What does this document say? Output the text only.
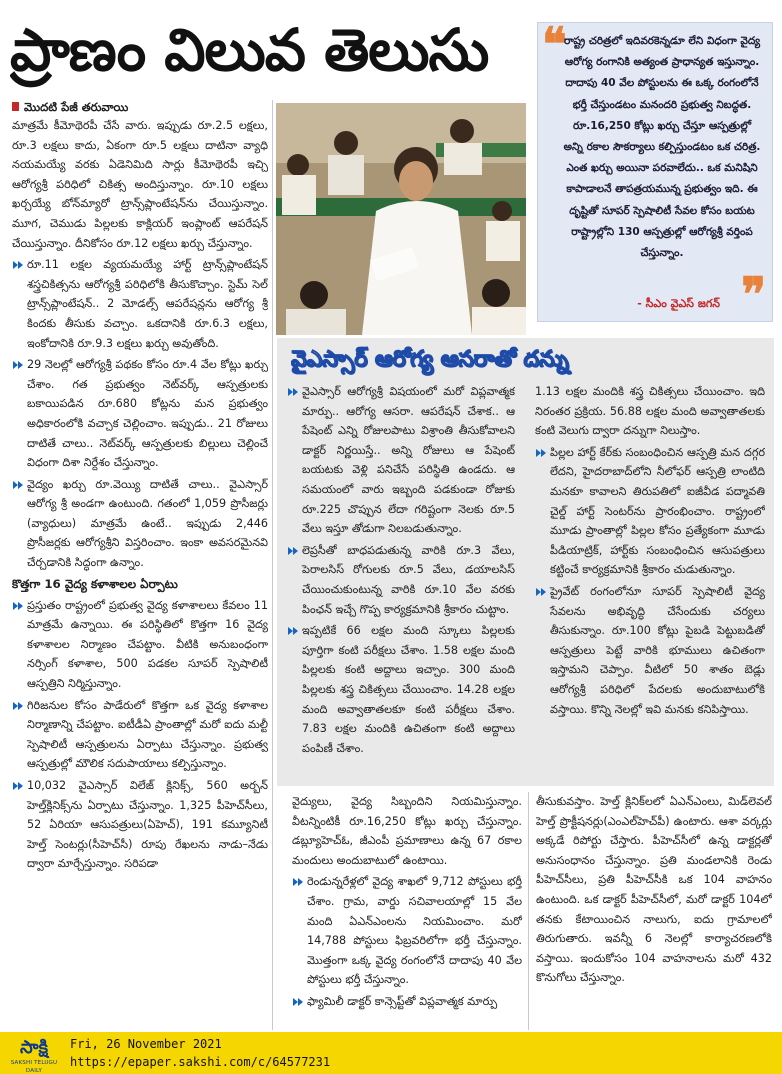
ప్రాణం విలువ తెలుసు
మొదటి పేజీ తరువాయి

మాత్రమే కీమోథెరపీ చేసే వారు. ఇప్పుడు రూ.2.5 లక్షలు, రూ.3 లక్షలు కాదు, ఏకంగా రూ.5 లక్షలు దాటినా వ్యాధి నయమయ్యే వరకు ఏడెనిమిది సార్లు కీమోథెరపీ ఇచ్చి ఆరోగ్యశ్రీ పరిధిలో చికిత్స అందిస్తున్నాం. రూ.10 లక్షలు ఖర్చయ్యే బోన్‌మ్యారో ట్రాన్స్‌ప్లాంటేషన్‌ను చేయిస్తున్నాం. మూగ, చెముడు పిల్లలకు కాక్లియర్ ఇంప్లాంట్ ఆపరేషన్ చేయిస్తున్నాం. దీనికోసం రూ.12 లక్షలు ఖర్చు చేస్తున్నాం.

రూ.11 లక్షల వ్యయమయ్యే హార్ట్ ట్రాన్స్‌ప్లాంటేషన్ శస్త్రచికిత్సను ఆరోగ్యశ్రీ పరిధిలోకి తీసుకొచ్చాం. స్టెమ్ సెల్ ట్రాన్స్‌ప్లాంటేషన్.. 2 మోడల్స్ ఆపరేషన్లను ఆరోగ్య శ్రీ కిందకు తీసుకు వచ్చాం. ఒకదానికి రూ.6.3 లక్షలు, ఇంకోదానికి రూ.9.3 లక్షలు ఖర్చు అవుతోంది.

29 నెలల్లో ఆరోగ్యశ్రీ పథకం కోసం రూ.4 వేల కోట్లు ఖర్చు చేశాం. గత ప్రభుత్వం నెట్‌వర్క్ ఆస్పత్రులకు బకాయిపడిన రూ.680 కోట్లను మన ప్రభుత్వం అధికారంలోకి వచ్చాక చెల్లించాం. ఇప్పుడు.. 21 రోజులు దాటితే చాలు.. నెట్‌వర్క్ ఆస్పత్రులకు బిల్లులు చెల్లించే విధంగా దిశా నిర్దేశం చేస్తున్నాం.

వైద్యం ఖర్చు రూ.వెయ్యి దాటితే చాలు.. వైఎస్సార్ ఆరోగ్య శ్రీ అండగా ఉంటుంది. గతంలో 1,059 ప్రొసీజర్లు (వ్యాధులు) మాత్రమే ఉంటే.. ఇప్పుడు 2,446 ప్రొసీజర్లకు ఆరోగ్యశ్రీని విస్తరించాం. ఇంకా అవసరమైనవి చేర్చడానికి సిద్ధంగా ఉన్నాం.

కొత్తగా 16 వైద్య కళాశాలల ఏర్పాటు

ప్రస్తుతం రాష్ట్రంలో ప్రభుత్వ వైద్య కళాశాలలు కేవలం 11 మాత్రమే ఉన్నాయి. ఈ పరిస్థితిలో కొత్తగా 16 వైద్య కళాశాలల నిర్మాణం చేపట్టాం. వీటికి అనుబంధంగా నర్సింగ్ కళాశాల, 500 పడకల సూపర్ స్పెషాలిటీ ఆస్పత్రిని నిర్మిస్తున్నాం.

గిరిజనుల కోసం పాడేరులో కొత్తగా ఒక వైద్య కళాశాల నిర్మాణాన్ని చేపట్టాం. ఐటీడీఏ ప్రాంతాల్లో మరో ఐదు మల్టీ స్పెషాలిటీ ఆస్పత్రులను ఏర్పాటు చేస్తున్నాం. ప్రభుత్వ ఆస్పత్రుల్లో మౌలిక సదుపాయాలు కల్పిస్తున్నాం.

10,032 వైఎస్సార్ విలేజ్ క్లినిక్స్, 560 అర్బన్ హెల్త్‌క్లినిక్స్‌ను ఏర్పాటు చేస్తున్నాం. 1,325 పీహెచ్‌సీలు, 52 ఏరియా ఆసుపత్రులు(ఏహెచ్), 191 కమ్యూనిటీ హెల్త్ సెంటర్లు(సీహెచ్‌సీ) రూపు రేఖలను నాడు–నేడు ద్వారా మార్చేస్తున్నాం. సరిపడా

❝
రాష్ట్ర చరిత్రలో ఇదివరకెన్నడూ లేని విధంగా వైద్య ఆరోగ్య రంగానికి అత్యంత ప్రాధాన్యత ఇస్తున్నాం. దాదాపు 40 వేల పోస్టులను ఈ ఒక్క రంగంలోనే భర్తీ చేస్తుండటం మనందరి ప్రభుత్వ నిబద్ధత. రూ.16,250 కోట్లు ఖర్చు చేస్తూ ఆస్పత్రుల్లో అన్ని రకాల సౌకర్యాలు కల్పిస్తుండటం ఒక చరిత్ర. ఎంత ఖర్చు అయినా పరవాలేదు.. ఒక మనిషిని కాపాడాలనే తాపత్రయమున్న ప్రభుత్వం ఇది. ఈ దృష్టితో సూపర్ స్పెషాలిటీ సేవల కోసం బయట రాష్ట్రాల్లోని 130 ఆస్పత్రుల్లో ఆరోగ్యశ్రీ వర్తింప చేస్తున్నాం.
- సీఎం వైఎస్ జగన్ ❞
వైఎస్సార్ ఆరోగ్య ఆసరాతో దన్ను

వైఎస్సార్ ఆరోగ్యశ్రీ విషయంలో మరో విప్లవాత్మక మార్పు.. ఆరోగ్య ఆసరా. ఆపరేషన్ చేశాక.. ఆ పేషెంట్ ఎన్ని రోజులపాటు విశ్రాంతి తీసుకోవాలని డాక్టర్ నిర్ణయిస్తే.. అన్ని రోజులు ఆ పేషెంట్ బయటకు వెళ్లి పనిచేసే పరిస్థితి ఉండదు. ఆ సమయంలో వారు ఇబ్బంది పడకుండా రోజుకు రూ.225 చొప్పున లేదా గరిష్టంగా నెలకు రూ.5 వేలు ఇస్తూ తోడుగా నిలబడుతున్నాం.

లెప్రసీతో బాధపడుతున్న వారికి రూ.3 వేలు, పెరాలసిస్ రోగులకు రూ.5 వేలు, డయాలసిస్ చేయించుకుంటున్న వారికి రూ.10 వేల వరకు పింఛన్ ఇచ్చే గొప్ప కార్యక్రమానికి శ్రీకారం చుట్టాం.

ఇప్పటికే 66 లక్షల మంది స్కూలు పిల్లలకు పూర్తిగా కంటి పరీక్షలు చేశాం. 1.58 లక్షల మంది పిల్లలకు కంటి అద్దాలు ఇచ్చాం. 300 మంది పిల్లలకు శస్త్ర చికిత్సలు చేయించాం. 14.28 లక్షల మంది అవ్వాతాతలకూ కంటి పరీక్షలు చేశాం. 7.83 లక్షల మందికి ఉచితంగా కంటి అద్దాలు పంపిణీ చేశాం.

1.13 లక్షల మందికి శస్త్ర చికిత్సలు చేయించాం. ఇది నిరంతర ప్రక్రియ. 56.88 లక్షల మంది అవ్వాతాతలకు కంటి వెలుగు ద్వారా దన్నుగా నిలుస్తాం.

పిల్లల హార్ట్ కేర్‌కు సంబంధించిన ఆస్పత్రి మన దగ్గర లేదని, హైదరాబాద్‌లోని నీలోఫర్ ఆస్పత్రి లాంటిది మనకూ కావాలని తిరుపతిలో ఐజీవీడ పద్మావతి చైల్డ్ హార్ట్ సెంటర్‌ను ప్రారంభించాం. రాష్ట్రంలో మూడు ప్రాంతాల్లో పిల్లల కోసం ప్రత్యేకంగా మూడు పీడియాట్రిక్, హార్ట్‌కు సంబంధించిన ఆసుపత్రులు కట్టించే కార్యక్రమానికి శ్రీకారం చుడుతున్నాం.

ప్రైవేట్ రంగంలోనూ సూపర్ స్పెషాలిటీ వైద్య సేవలను అభివృద్ధి చేసేందుకు చర్యలు తీసుకున్నాం. రూ.100 కోట్లు పైబడి పెట్టుబడితో ఆస్పత్రులు పెట్టే వారికి భూములు ఉచితంగా ఇస్తామని చెప్పాం. వీటిలో 50 శాతం బెడ్లు ఆరోగ్యశ్రీ పరిధిలో పేదలకు అందుబాటులోకి వస్తాయి. కొన్ని నెలల్లో ఇవి మనకు కనిపిస్తాయి.

వైద్యులు, వైద్య సిబ్బందిని నియమిస్తున్నాం. వీటన్నింటికీ రూ.16,250 కోట్లు ఖర్చు చేస్తున్నాం. డబ్ల్యూహెచ్‌ఓ, జీఎంపీ ప్రమాణాలు ఉన్న 67 రకాల మందులు అందుబాటులో ఉంటాయి.

రెండున్నరేళ్లలో వైద్య శాఖలో 9,712 పోస్టులు భర్తీ చేశాం. గ్రామ, వార్డు సచివాలయాల్లో 15 వేల మంది ఏఎన్‌ఎంలను నియమించాం. మరో 14,788 పోస్టులు ఫిబ్రవరిలోగా భర్తీ చేస్తున్నాం. మొత్తంగా ఒక్క వైద్య రంగంలోనే దాదాపు 40 వేల పోస్టులు భర్తీ చేస్తున్నాం.

ఫ్యామిలీ డాక్టర్ కాన్సెప్ట్‌తో విప్లవాత్మక మార్పు

తీసుకువస్తాం. హెల్త్ క్లినిక్‌లలో ఏఎన్‌ఎంలు, మిడ్‌లెవల్ హెల్త్ ప్రొక్టీషనర్లు(ఎంఎల్‌హెచ్‌పీ) ఉంటారు. ఆశా వర్కర్లు అక్కడే రిపోర్టు చేస్తారు. పీహెచ్‌సీలో ఉన్న డాక్టర్లతో అనుసంధానం చేస్తున్నాం. ప్రతి మండలానికి రెండు పీహెచ్‌సీలు, ప్రతి పీహెచ్‌సీకి ఒక 104 వాహనం ఉంటుంది. ఒక డాక్టర్ పీహెచ్‌సీలో, మరో డాక్టర్ 104లో తనకు కేటాయించిన నాలుగు, ఐదు గ్రామాలలో తిరుగుతారు. ఇవన్నీ 6 నెలల్లో కార్యాచరణలోకి వస్తాయి. ఇందుకోసం 104 వాహనాలను మరో 432 కొనుగోలు చేస్తున్నాం.

సాక్షి
SAKSHI TELUGU DAILY
Fri, 26 November 2021
https://epaper.sakshi.com/c/64577231
